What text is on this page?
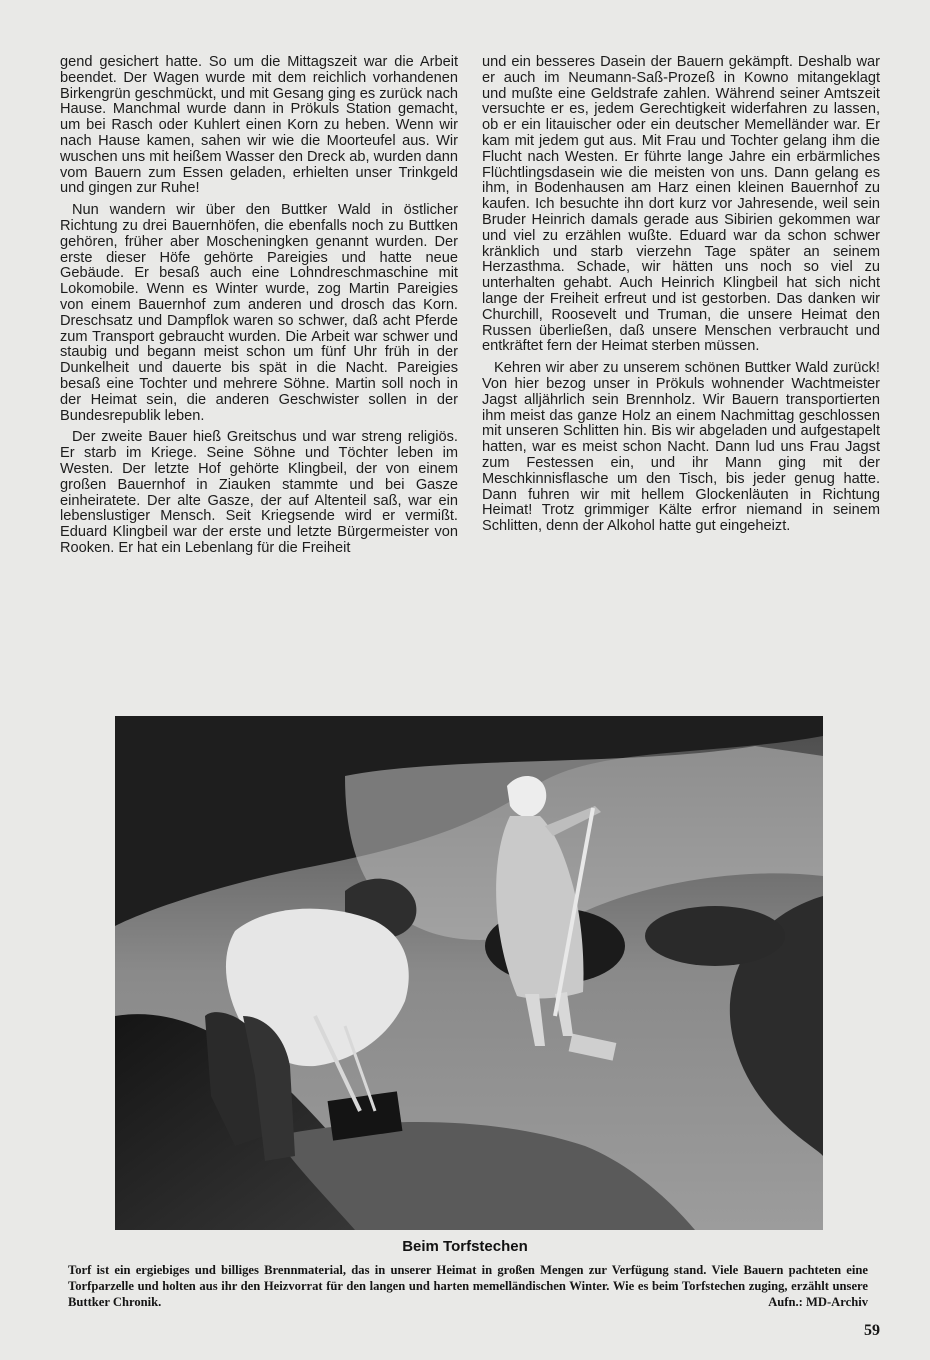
gend gesichert hatte. So um die Mittagszeit war die Arbeit beendet. Der Wagen wurde mit dem reichlich vorhandenen Birkengrün geschmückt, und mit Gesang ging es zurück nach Hause. Manchmal wurde dann in Prökuls Station gemacht, um bei Rasch oder Kuhlert einen Korn zu heben. Wenn wir nach Hause kamen, sahen wir wie die Moorteufel aus. Wir wuschen uns mit heißem Wasser den Dreck ab, wurden dann vom Bauern zum Essen geladen, erhielten unser Trinkgeld und gingen zur Ruhe!

Nun wandern wir über den Buttker Wald in östlicher Richtung zu drei Bauernhöfen, die ebenfalls noch zu Buttken gehören, früher aber Moscheningken genannt wurden. Der erste dieser Höfe gehörte Pareigies und hatte neue Gebäude. Er besaß auch eine Lohndreschmaschine mit Lokomobile. Wenn es Winter wurde, zog Martin Pareigies von einem Bauernhof zum anderen und drosch das Korn. Dreschsatz und Dampflok waren so schwer, daß acht Pferde zum Transport gebraucht wurden. Die Arbeit war schwer und staubig und begann meist schon um fünf Uhr früh in der Dunkelheit und dauerte bis spät in die Nacht. Pareigies besaß eine Tochter und mehrere Söhne. Martin soll noch in der Heimat sein, die anderen Geschwister sollen in der Bundesrepublik leben.

Der zweite Bauer hieß Greitschus und war streng religiös. Er starb im Kriege. Seine Söhne und Töchter leben im Westen. Der letzte Hof gehörte Klingbeil, der von einem großen Bauernhof in Ziauken stammte und bei Gasze einheiratete. Der alte Gasze, der auf Altenteil saß, war ein lebenslustiger Mensch. Seit Kriegsende wird er vermißt. Eduard Klingbeil war der erste und letzte Bürgermeister von Rooken. Er hat ein Lebenlang für die Freiheit

und ein besseres Dasein der Bauern gekämpft. Deshalb war er auch im Neumann-Saß-Prozeß in Kowno mitangeklagt und mußte eine Geldstrafe zahlen. Während seiner Amtszeit versuchte er es, jedem Gerechtigkeit widerfahren zu lassen, ob er ein litauischer oder ein deutscher Memelländer war. Er kam mit jedem gut aus. Mit Frau und Tochter gelang ihm die Flucht nach Westen. Er führte lange Jahre ein erbärmliches Flüchtlingsdasein wie die meisten von uns. Dann gelang es ihm, in Bodenhausen am Harz einen kleinen Bauernhof zu kaufen. Ich besuchte ihn dort kurz vor Jahresende, weil sein Bruder Heinrich damals gerade aus Sibirien gekommen war und viel zu erzählen wußte. Eduard war da schon schwer kränklich und starb vierzehn Tage später an seinem Herzasthma. Schade, wir hätten uns noch so viel zu unterhalten gehabt. Auch Heinrich Klingbeil hat sich nicht lange der Freiheit erfreut und ist gestorben. Das danken wir Churchill, Roosevelt und Truman, die unsere Heimat den Russen überließen, daß unsere Menschen verbraucht und entkräftet fern der Heimat sterben müssen.

Kehren wir aber zu unserem schönen Buttker Wald zurück! Von hier bezog unser in Prökuls wohnender Wachtmeister Jagst alljährlich sein Brennholz. Wir Bauern transportierten ihm meist das ganze Holz an einem Nachmittag geschlossen mit unseren Schlitten hin. Bis wir abgeladen und aufgestapelt hatten, war es meist schon Nacht. Dann lud uns Frau Jagst zum Festessen ein, und ihr Mann ging mit der Meschkinnisflasche um den Tisch, bis jeder genug hatte. Dann fuhren wir mit hellem Glockenläuten in Richtung Heimat! Trotz grimmiger Kälte erfror niemand in seinem Schlitten, denn der Alkohol hatte gut eingeheizt.

Beim Torfstechen
Torf ist ein ergiebiges und billiges Brennmaterial, das in unserer Heimat in großen Mengen zur Verfügung stand. Viele Bauern pachteten eine Torfparzelle und holten aus ihr den Heizvorrat für den langen und harten memelländischen Winter. Wie es beim Torfstechen zuging, erzählt unsere Buttker Chronik.	Aufn.: MD-Archiv
59
